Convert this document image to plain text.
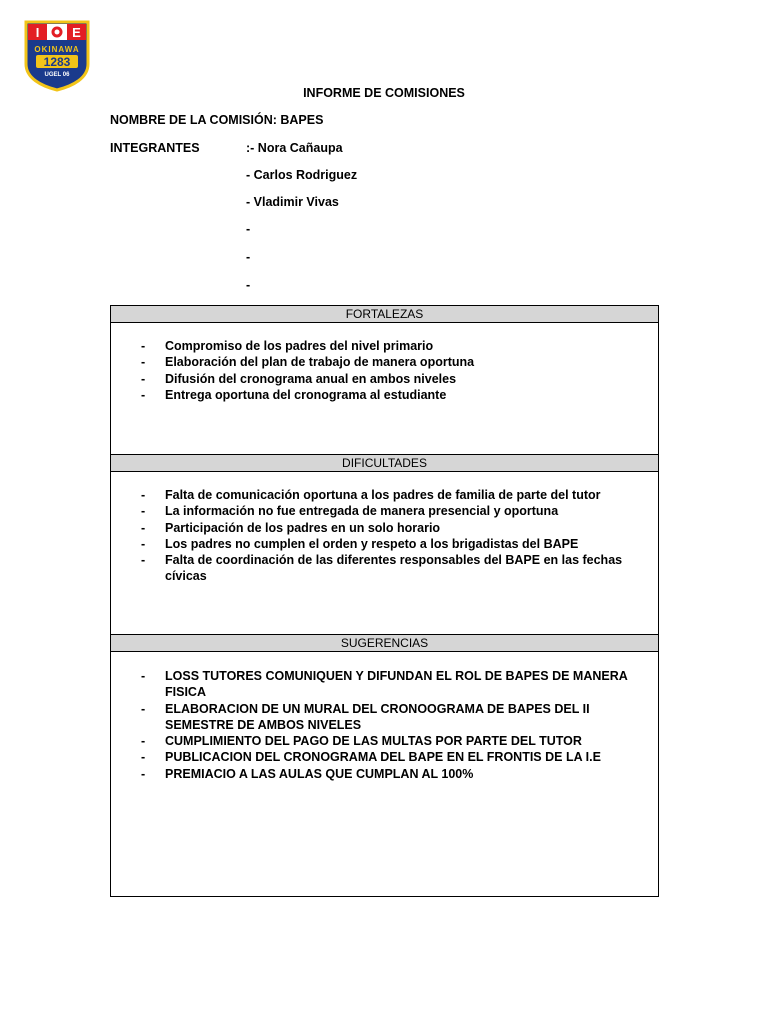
I	E
OKINAWA
1283
UGEL 06
INFORME DE COMISIONES
NOMBRE DE LA COMISIÓN: BAPES
INTEGRANTES	:- Nora Cañaupa
- Carlos Rodriguez
- Vladimir Vivas
-
-
-
FORTALEZAS
- Compromiso de los padres del nivel primario
- Elaboración del plan de trabajo de manera oportuna
- Difusión del cronograma anual en ambos niveles
- Entrega oportuna del cronograma al estudiante
DIFICULTADES
- Falta de comunicación oportuna a los padres de familia de parte del tutor
- La información no fue entregada de manera presencial y oportuna
- Participación de los padres en un solo horario
- Los padres no cumplen el orden y respeto a los brigadistas del BAPE
- Falta de coordinación de las diferentes responsables del BAPE en las fechas cívicas
SUGERENCIAS
- LOSS TUTORES COMUNIQUEN Y DIFUNDAN EL ROL DE BAPES DE MANERA FISICA
- ELABORACION DE UN MURAL DEL CRONOOGRAMA DE BAPES DEL II SEMESTRE DE AMBOS NIVELES
- CUMPLIMIENTO DEL PAGO DE LAS MULTAS POR PARTE DEL TUTOR
- PUBLICACION DEL CRONOGRAMA DEL BAPE EN EL FRONTIS DE LA I.E
- PREMIACIO A LAS AULAS QUE CUMPLAN AL 100%
